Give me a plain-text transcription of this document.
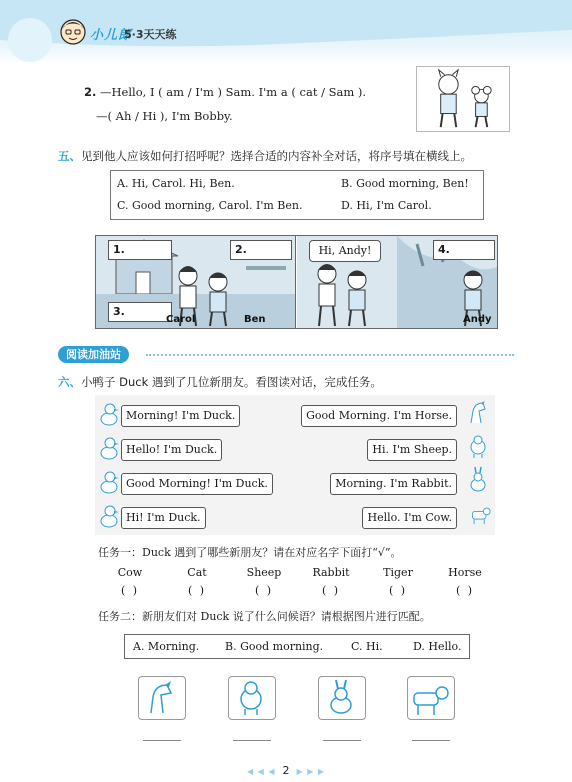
小儿郎
5·3天天练
2. —Hello, I ( am / I'm ) Sam. I'm a ( cat / Sam ).
—( Ah / Hi ), I'm Bobby.
五、见到他人应该如何打招呼呢？选择合适的内容补全对话，将序号填在横线上。
A. Hi, Carol. Hi, Ben.	B. Good morning, Ben!
C. Good morning, Carol. I'm Ben.	D. Hi, I'm Carol.
1.	2.
3.
Carol	Ben
Hi, Andy!	4.
Andy
阅读加油站
六、小鸭子 Duck 遇到了几位新朋友。看图读对话，完成任务。
Morning! I'm Duck.
Hello! I'm Duck.
Good Morning! I'm Duck.
Hi! I'm Duck.
Good Morning. I'm Horse.
Hi. I'm Sheep.
Morning. I'm Rabbit.
Hello. I'm Cow.
任务一：Duck 遇到了哪些新朋友？请在对应名字下面打“√”。
Cow	Cat	Sheep	Rabbit	Tiger	Horse
( )	( )	( )	( )	( )	( )
任务二：新朋友们对 Duck 说了什么问候语？请根据图片进行匹配。
A. Morning. B. Good morning.	C. Hi.	D. Hello.
◀ ◀ ◀ 2 ▶ ▶ ▶
